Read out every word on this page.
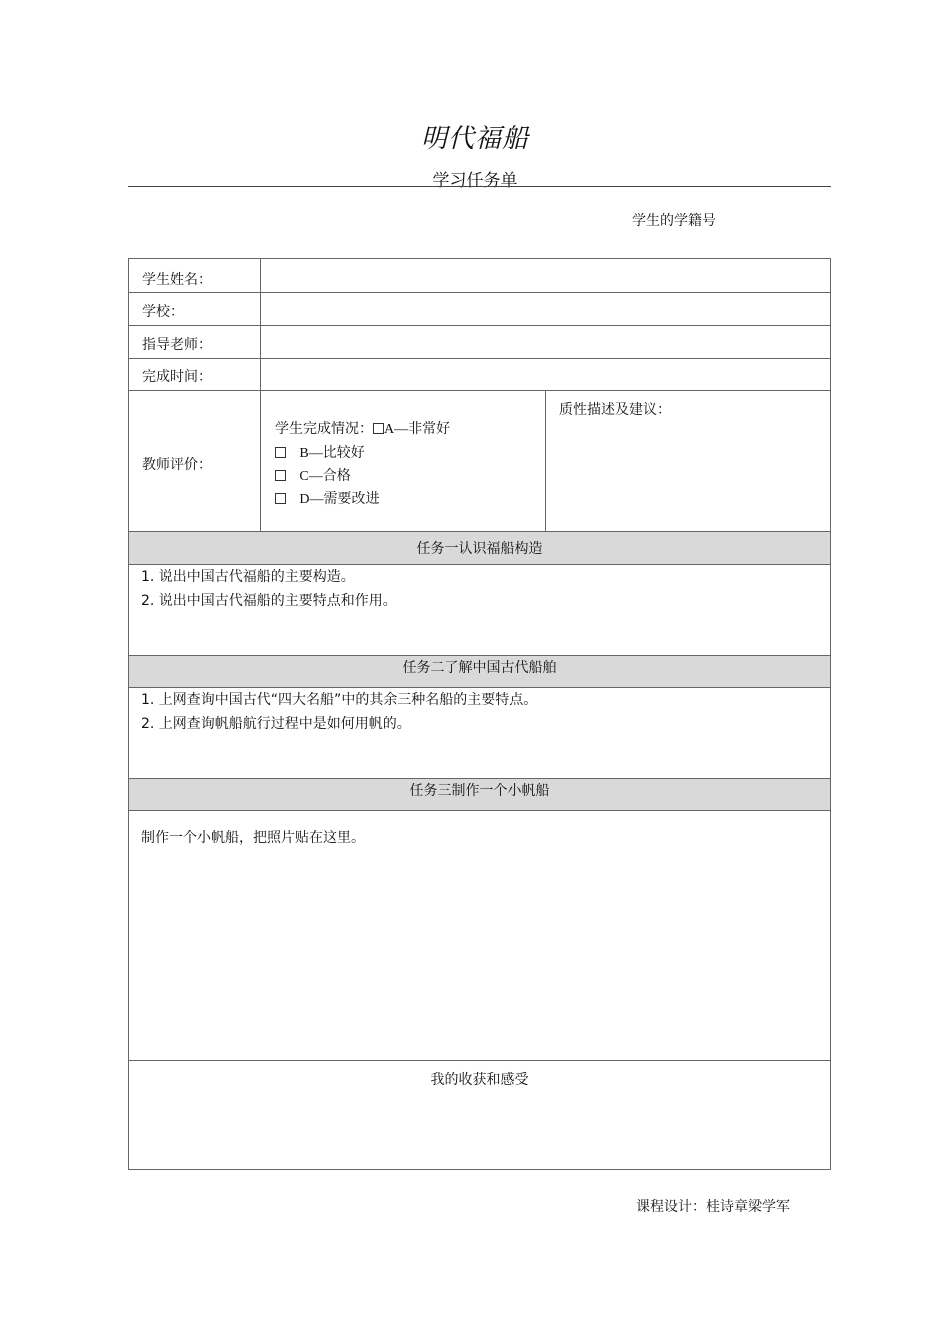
明代福船
学习任务单
学生的学籍号
学生姓名：
学校：
指导老师：
完成时间：
教师评价：
学生完成情况： A—非常好
B—比较好
C—合格
D—需要改进
质性描述及建议：
任务一认识福船构造
1. 说出中国古代福船的主要构造。
2. 说出中国古代福船的主要特点和作用。
任务二了解中国古代船舶
1. 上网查询中国古代“四大名船”中的其余三种名船的主要特点。
2. 上网查询帆船航行过程中是如何用帆的。
任务三制作一个小帆船
制作一个小帆船，把照片贴在这里。
我的收获和感受
课程设计：桂诗章梁学军
